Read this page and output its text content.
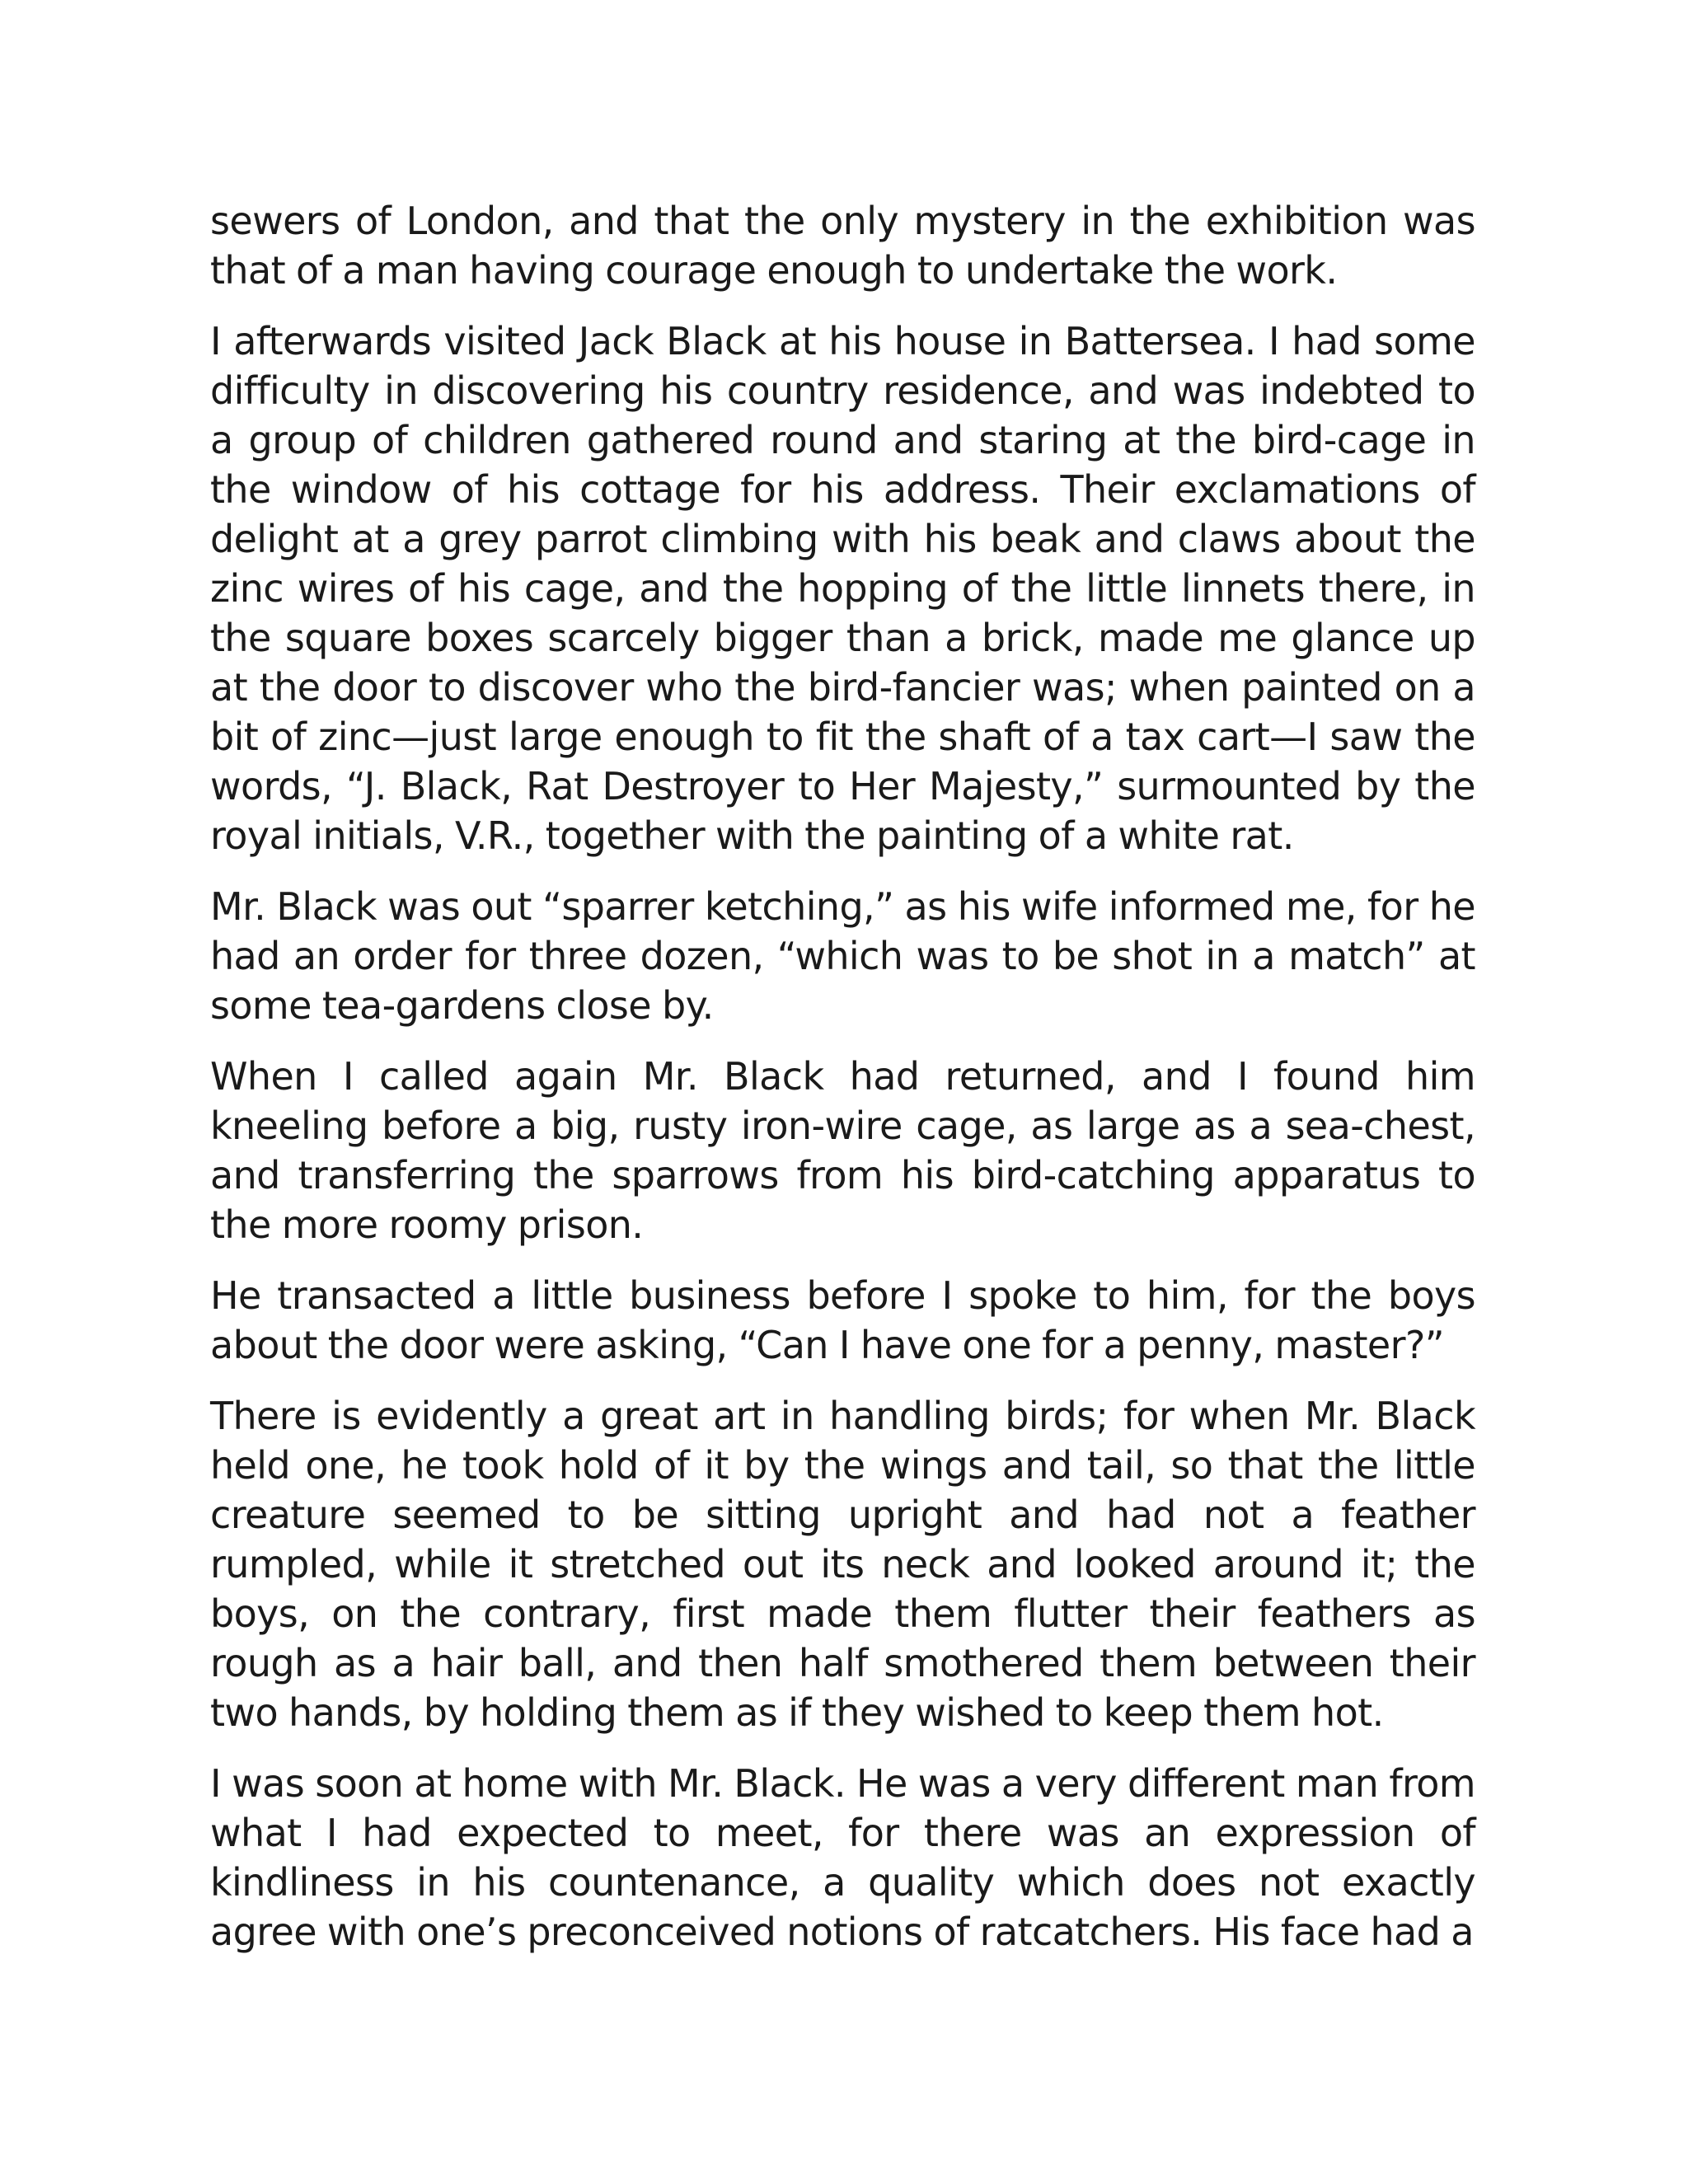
sewers of London, and that the only mystery in the exhibition was that of a man having courage enough to undertake the work.

I afterwards visited Jack Black at his house in Battersea. I had some difficulty in discovering his country residence, and was indebted to a group of children gathered round and staring at the bird-cage in the window of his cottage for his address. Their exclamations of delight at a grey parrot climbing with his beak and claws about the zinc wires of his cage, and the hopping of the little linnets there, in the square boxes scarcely bigger than a brick, made me glance up at the door to discover who the bird-fancier was; when painted on a bit of zinc—just large enough to fit the shaft of a tax cart—I saw the words, “J. Black, Rat Destroyer to Her Majesty,” surmounted by the royal initials, V.R., together with the painting of a white rat.

Mr. Black was out “sparrer ketching,” as his wife informed me, for he had an order for three dozen, “which was to be shot in a match” at some tea-gardens close by.

When I called again Mr. Black had returned, and I found him kneeling before a big, rusty iron-wire cage, as large as a sea-chest, and transferring the sparrows from his bird-catching apparatus to the more roomy prison.

He transacted a little business before I spoke to him, for the boys about the door were asking, “Can I have one for a penny, master?”

There is evidently a great art in handling birds; for when Mr. Black held one, he took hold of it by the wings and tail, so that the little creature seemed to be sitting upright and had not a feather rumpled, while it stretched out its neck and looked around it; the boys, on the contrary, first made them flutter their feathers as rough as a hair ball, and then half smothered them between their two hands, by holding them as if they wished to keep them hot.

I was soon at home with Mr. Black. He was a very different man from what I had expected to meet, for there was an expression of kindliness in his countenance, a quality which does not exactly agree with one’s preconceived notions of ratcatchers. His face had a
